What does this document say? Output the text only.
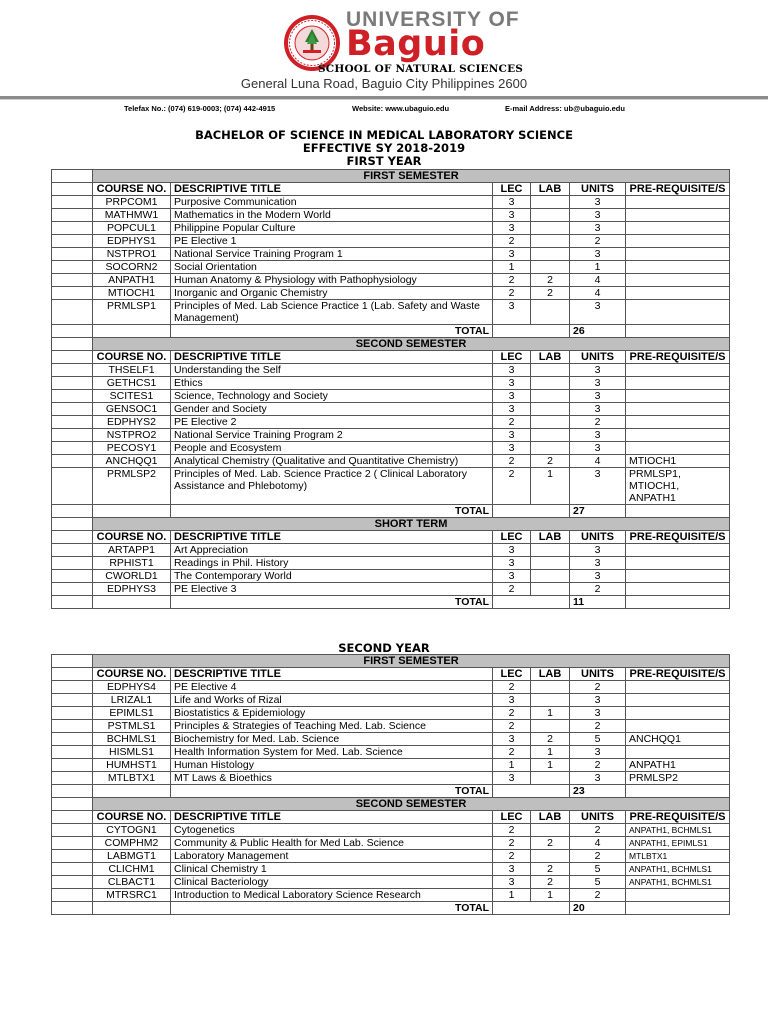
UNIVERSITY OF
Baguio
SCHOOL OF NATURAL SCIENCES
General Luna Road, Baguio City Philippines 2600
Telefax No.: (074) 619-0003; (074) 442-4915	Website: www.ubaguio.edu	E-mail Address: ub@ubaguio.edu
BACHELOR OF SCIENCE IN MEDICAL LABORATORY SCIENCE
EFFECTIVE SY 2018-2019
FIRST YEAR
	FIRST SEMESTER					
	COURSE NO.	DESCRIPTIVE TITLE	LEC	LAB	UNITS	PRE-REQUISITE/S
	PRPCOM1	Purposive Communication	3		3	
	MATHMW1	Mathematics in the Modern World	3		3	
	POPCUL1	Philippine Popular Culture	3		3	
	EDPHYS1	PE Elective 1	2		2	
	NSTPRO1	National Service Training Program 1	3		3	
	SOCORN2	Social Orientation	1		1	
	ANPATH1	Human Anatomy & Physiology with Pathophysiology	2	2	4	
	MTIOCH1	Inorganic and Organic Chemistry	2	2	4	
	PRMLSP1	Principles of Med. Lab Science Practice 1 (Lab. Safety and Waste Management)	3		3	
		TOTAL			26	
	SECOND SEMESTER					
	COURSE NO.	DESCRIPTIVE TITLE	LEC	LAB	UNITS	PRE-REQUISITE/S
	THSELF1	Understanding the Self	3		3	
	GETHCS1	Ethics	3		3	
	SCITES1	Science, Technology and Society	3		3	
	GENSOC1	Gender and Society	3		3	
	EDPHYS2	PE Elective 2	2		2	
	NSTPRO2	National Service Training Program 2	3		3	
	PECOSY1	People and Ecosystem	3		3	
	ANCHQQ1	Analytical Chemistry (Qualitative and Quantitative Chemistry)	2	2	4	MTIOCH1
	PRMLSP2	Principles of Med. Lab. Science Practice 2 ( Clinical Laboratory Assistance and Phlebotomy)	2	1	3	PRMLSP1, MTIOCH1, ANPATH1
		TOTAL			27	
	SHORT TERM					
	COURSE NO.	DESCRIPTIVE TITLE	LEC	LAB	UNITS	PRE-REQUISITE/S
	ARTAPP1	Art Appreciation	3		3	
	RPHIST1	Readings in Phil. History	3		3	
	CWORLD1	The Contemporary World	3		3	
	EDPHYS3	PE Elective 3	2		2	
		TOTAL			11	
SECOND YEAR
	FIRST SEMESTER					
	COURSE NO.	DESCRIPTIVE TITLE	LEC	LAB	UNITS	PRE-REQUISITE/S
	EDPHYS4	PE Elective 4	2		2	
	LRIZAL1	Life and Works of Rizal	3		3	
	EPIMLS1	Biostatistics & Epidemiology	2	1	3	
	PSTMLS1	Principles & Strategies of Teaching Med. Lab. Science	2		2	
	BCHMLS1	Biochemistry for Med. Lab. Science	3	2	5	ANCHQQ1
	HISMLS1	Health Information System for Med. Lab. Science	2	1	3	
	HUMHST1	Human Histology	1	1	2	ANPATH1
	MTLBTX1	MT Laws & Bioethics	3		3	PRMLSP2
		TOTAL			23	
	SECOND SEMESTER					
	COURSE NO.	DESCRIPTIVE TITLE	LEC	LAB	UNITS	PRE-REQUISITE/S
	CYTOGN1	Cytogenetics	2		2	ANPATH1, BCHMLS1
	COMPHM2	Community & Public Health for Med Lab. Science	2	2	4	ANPATH1, EPIMLS1
	LABMGT1	Laboratory Management	2		2	MTLBTX1
	CLICHM1	Clinical Chemistry 1	3	2	5	ANPATH1, BCHMLS1
	CLBACT1	Clinical Bacteriology	3	2	5	ANPATH1, BCHMLS1
	MTRSRC1	Introduction to Medical Laboratory Science Research	1	1	2	
		TOTAL			20	
